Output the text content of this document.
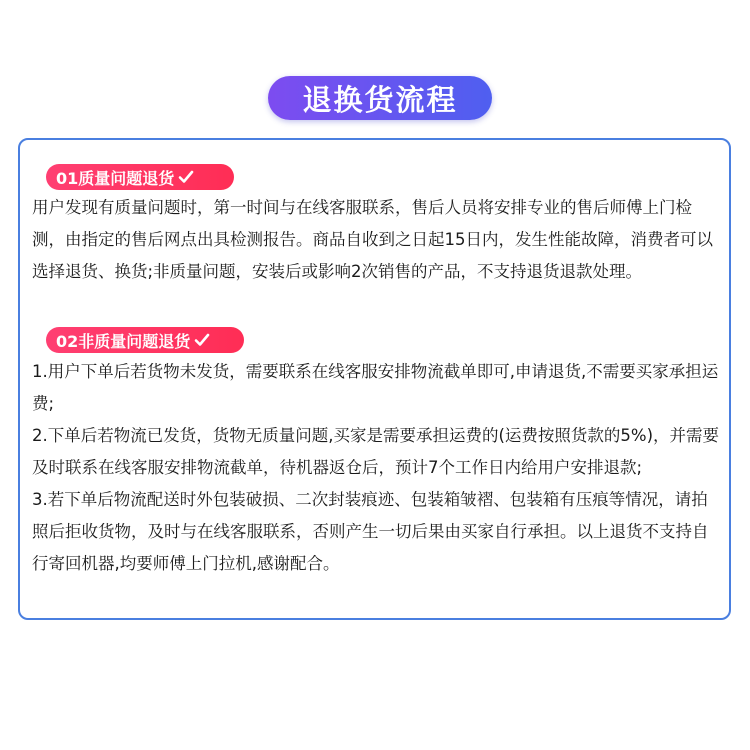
退换货流程
01质量问题退货
用户发现有质量问题时，第一时间与在线客服联系，售后人员将安排专业的售后师傅上门检测，由指定的售后网点出具检测报告。商品自收到之日起15日内，发生性能故障，消费者可以选择退货、换货;非质量问题，安装后或影响2次销售的产品，不支持退货退款处理。
02非质量问题退货

1.用户下单后若货物未发货，需要联系在线客服安排物流截单即可,申请退货,不需要买家承担运费;

2.下单后若物流已发货，货物无质量问题,买家是需要承担运费的(运费按照货款的5%)，并需要及时联系在线客服安排物流截单，待机器返仓后，预计7个工作日内给用户安排退款;

3.若下单后物流配送时外包装破损、二次封装痕迹、包装箱皱褶、包装箱有压痕等情况，请拍照后拒收货物，及时与在线客服联系，否则产生一切后果由买家自行承担。以上退货不支持自行寄回机器,均要师傅上门拉机,感谢配合。
